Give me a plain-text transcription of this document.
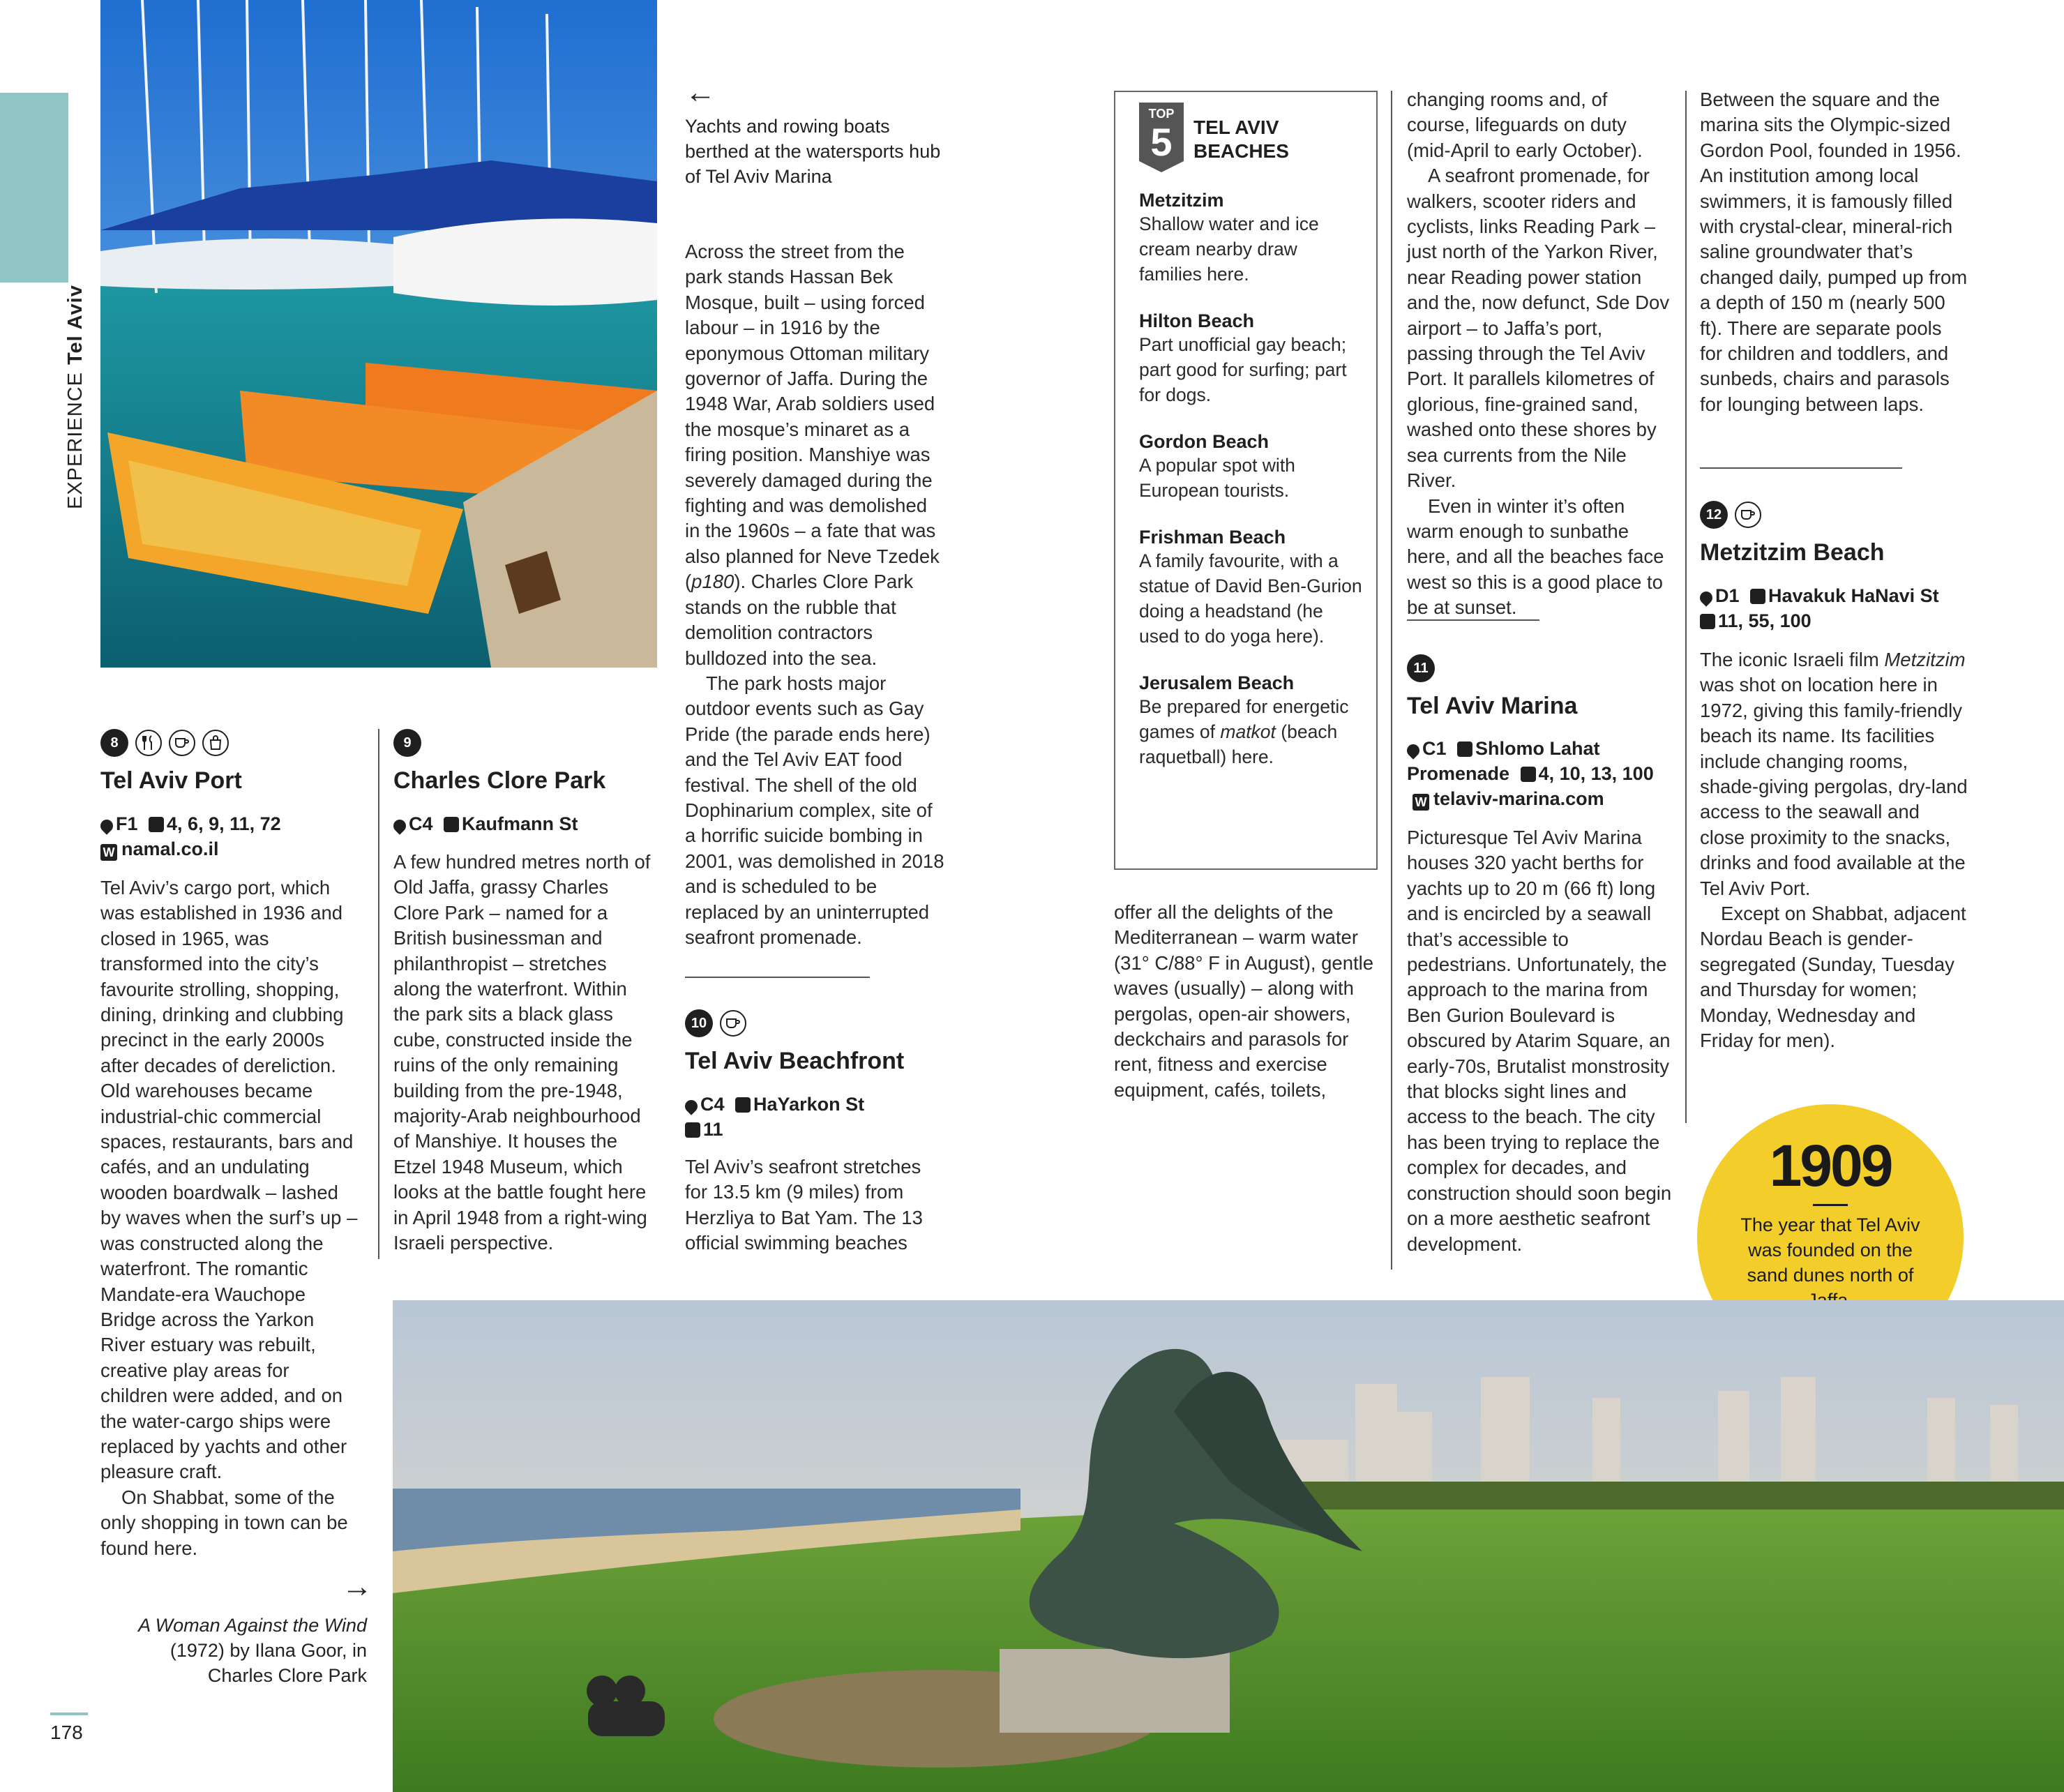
EXPERIENCETel Aviv
←
Yachts and rowing boats berthed at the watersports hub of Tel Aviv Marina
8
Tel Aviv Port
F1 4, 6, 9, 11, 72
W namal.co.il

Tel Aviv’s cargo port, which was established in 1936 and closed in 1965, was transformed into the city’s favourite strolling, shopping, dining, drinking and clubbing precinct in the early 2000s after decades of dereliction. Old warehouses became industrial-chic commercial spaces, restaurants, bars and cafés, and an undulating wooden boardwalk – lashed by waves when the surf’s up – was constructed along the waterfront. The romantic Mandate-era Wauchope Bridge across the Yarkon River estuary was rebuilt, creative play areas for children were added, and on the water-cargo ships were replaced by yachts and other pleasure craft.

On Shabbat, some of the only shopping in town can be found here.

9
Charles Clore Park
C4 Kaufmann St

A few hundred metres north of Old Jaffa, grassy Charles Clore Park – named for a British businessman and philanthropist – stretches along the waterfront. Within the park sits a black glass cube, constructed inside the ruins of the only remaining building from the pre-1948, majority-Arab neighbourhood of Manshiye. It houses the Etzel 1948 Museum, which looks at the battle fought here in April 1948 from a right-wing Israeli perspective.

Across the street from the park stands Hassan Bek Mosque, built – using forced labour – in 1916 by the eponymous Ottoman military governor of Jaffa. During the 1948 War, Arab soldiers used the mosque’s minaret as a firing position. Manshiye was severely damaged during the fighting and was demolished in the 1960s – a fate that was also planned for Neve Tzedek (p180). Charles Clore Park stands on the rubble that demolition contractors bulldozed into the sea.

The park hosts major outdoor events such as Gay Pride (the parade ends here) and the Tel Aviv EAT food festival. The shell of the old Dophinarium complex, site of a horrific suicide bombing in 2001, was demolished in 2018 and is scheduled to be replaced by an uninterrupted seafront promenade.

10
Tel Aviv Beachfront
C4 HaYarkon St
11

Tel Aviv’s seafront stretches for 13.5 km (9 miles) from Herzliya to Bat Yam. The 13 official swimming beaches

offer all the delights of the Mediterranean – warm water (31° C/88° F in August), gentle waves (usually) – along with pergolas, open-air showers, deckchairs and parasols for rent, fitness and exercise equipment, cafés, toilets,

changing rooms and, of course, lifeguards on duty (mid-April to early October).

A seafront promenade, for walkers, scooter riders and cyclists, links Reading Park – just north of the Yarkon River, near Reading power station and the, now defunct, Sde Dov airport – to Jaffa’s port, passing through the Tel Aviv Port. It parallels kilometres of glorious, fine-grained sand, washed onto these shores by sea currents from the Nile River.

Even in winter it’s often warm enough to sunbathe here, and all the beaches face west so this is a good place to be at sunset.

TOP
5	TEL AVIV
BEACHES
Metzitzim

Shallow water and ice cream nearby draw families here.

Hilton Beach

Part unofficial gay beach; part good for surfing; part for dogs.

Gordon Beach

A popular spot with European tourists.

Frishman Beach

A family favourite, with a statue of David Ben-Gurion doing a headstand (he used to do yoga here).

Jerusalem Beach

Be prepared for energetic games of matkot (beach raquetball) here.

11
Tel Aviv Marina
C1 Shlomo Lahat Promenade 4, 10, 13, 100 W telaviv-marina.com

Picturesque Tel Aviv Marina houses 320 yacht berths for yachts up to 20 m (66 ft) long and is encircled by a seawall that’s accessible to pedestrians. Unfortunately, the approach to the marina from Ben Gurion Boulevard is obscured by Atarim Square, an early-70s, Brutalist monstrosity that blocks sight lines and access to the beach. The city has been trying to replace the complex for decades, and construction should soon begin on a more aesthetic seafront development.

Between the square and the marina sits the Olympic-sized Gordon Pool, founded in 1956. An institution among local swimmers, it is famously filled with crystal-clear, mineral-rich saline groundwater that’s changed daily, pumped up from a depth of 150 m (nearly 500 ft). There are separate pools for children and toddlers, and sunbeds, chairs and parasols for lounging between laps.

12
Metzitzim Beach
D1 Havakuk HaNavi St
11, 55, 100

The iconic Israeli film Metzitzim was shot on location here in 1972, giving this family-friendly beach its name. Its facilities include changing rooms, shade-giving pergolas, dry-land access to the seawall and close proximity to the snacks, drinks and food available at the Tel Aviv Port.

Except on Shabbat, adjacent Nordau Beach is gender-segregated (Sunday, Tuesday and Thursday for women; Monday, Wednesday and Friday for men).

1909
The year that Tel Aviv was founded on the sand dunes north of
→
A Woman Against the Wind (1972) by Ilana Goor, in Charles Clore Park
178
